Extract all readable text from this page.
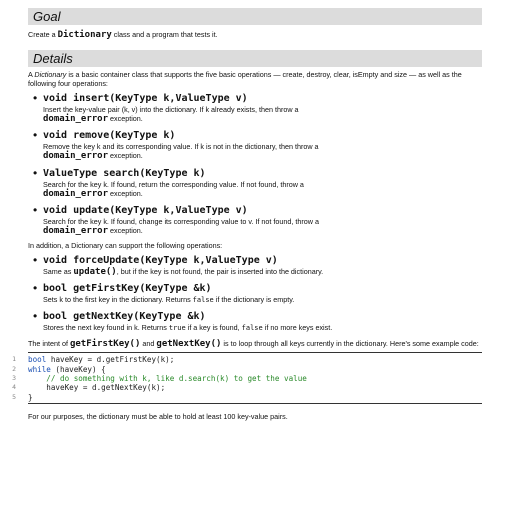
Goal

Create a Dictionary class and a program that tests it.

Details

A Dictionary is a basic container class that supports the five basic operations — create, destroy, clear, isEmpty and size — as well as the following four operations:

• void insert(KeyType k,ValueType v)

Insert the key-value pair (k, v) into the dictionary. If k already exists, then throw a
domain_error exception.

• void remove(KeyType k)

Remove the key k and its corresponding value. If k is not in the dictionary, then throw a
domain_error exception.

• ValueType search(KeyType k)

Search for the key k. If found, return the corresponding value. If not found, throw a
domain_error exception.

• void update(KeyType k,ValueType v)

Search for the key k. If found, change its corresponding value to v. If not found, throw a
domain_error exception.

In addition, a Dictionary can support the following operations:

• void forceUpdate(KeyType k,ValueType v)

Same as update(), but if the key is not found, the pair is inserted into the dictionary.

• bool getFirstKey(KeyType &k)

Sets k to the first key in the dictionary. Returns false if the dictionary is empty.

• bool getNextKey(KeyType &k)

Stores the next key found in k. Returns true if a key is found, false if no more keys exist.

The intent of getFirstKey() and getNextKey() is to loop through all keys currently in the dictionary. Here's some example code:

1 bool haveKey = d.getFirstKey(k);
2 while (haveKey) {
3 // do something with k, like d.search(k) to get the value
4 haveKey = d.getNextKey(k);
5 }

For our purposes, the dictionary must be able to hold at least 100 key-value pairs.
